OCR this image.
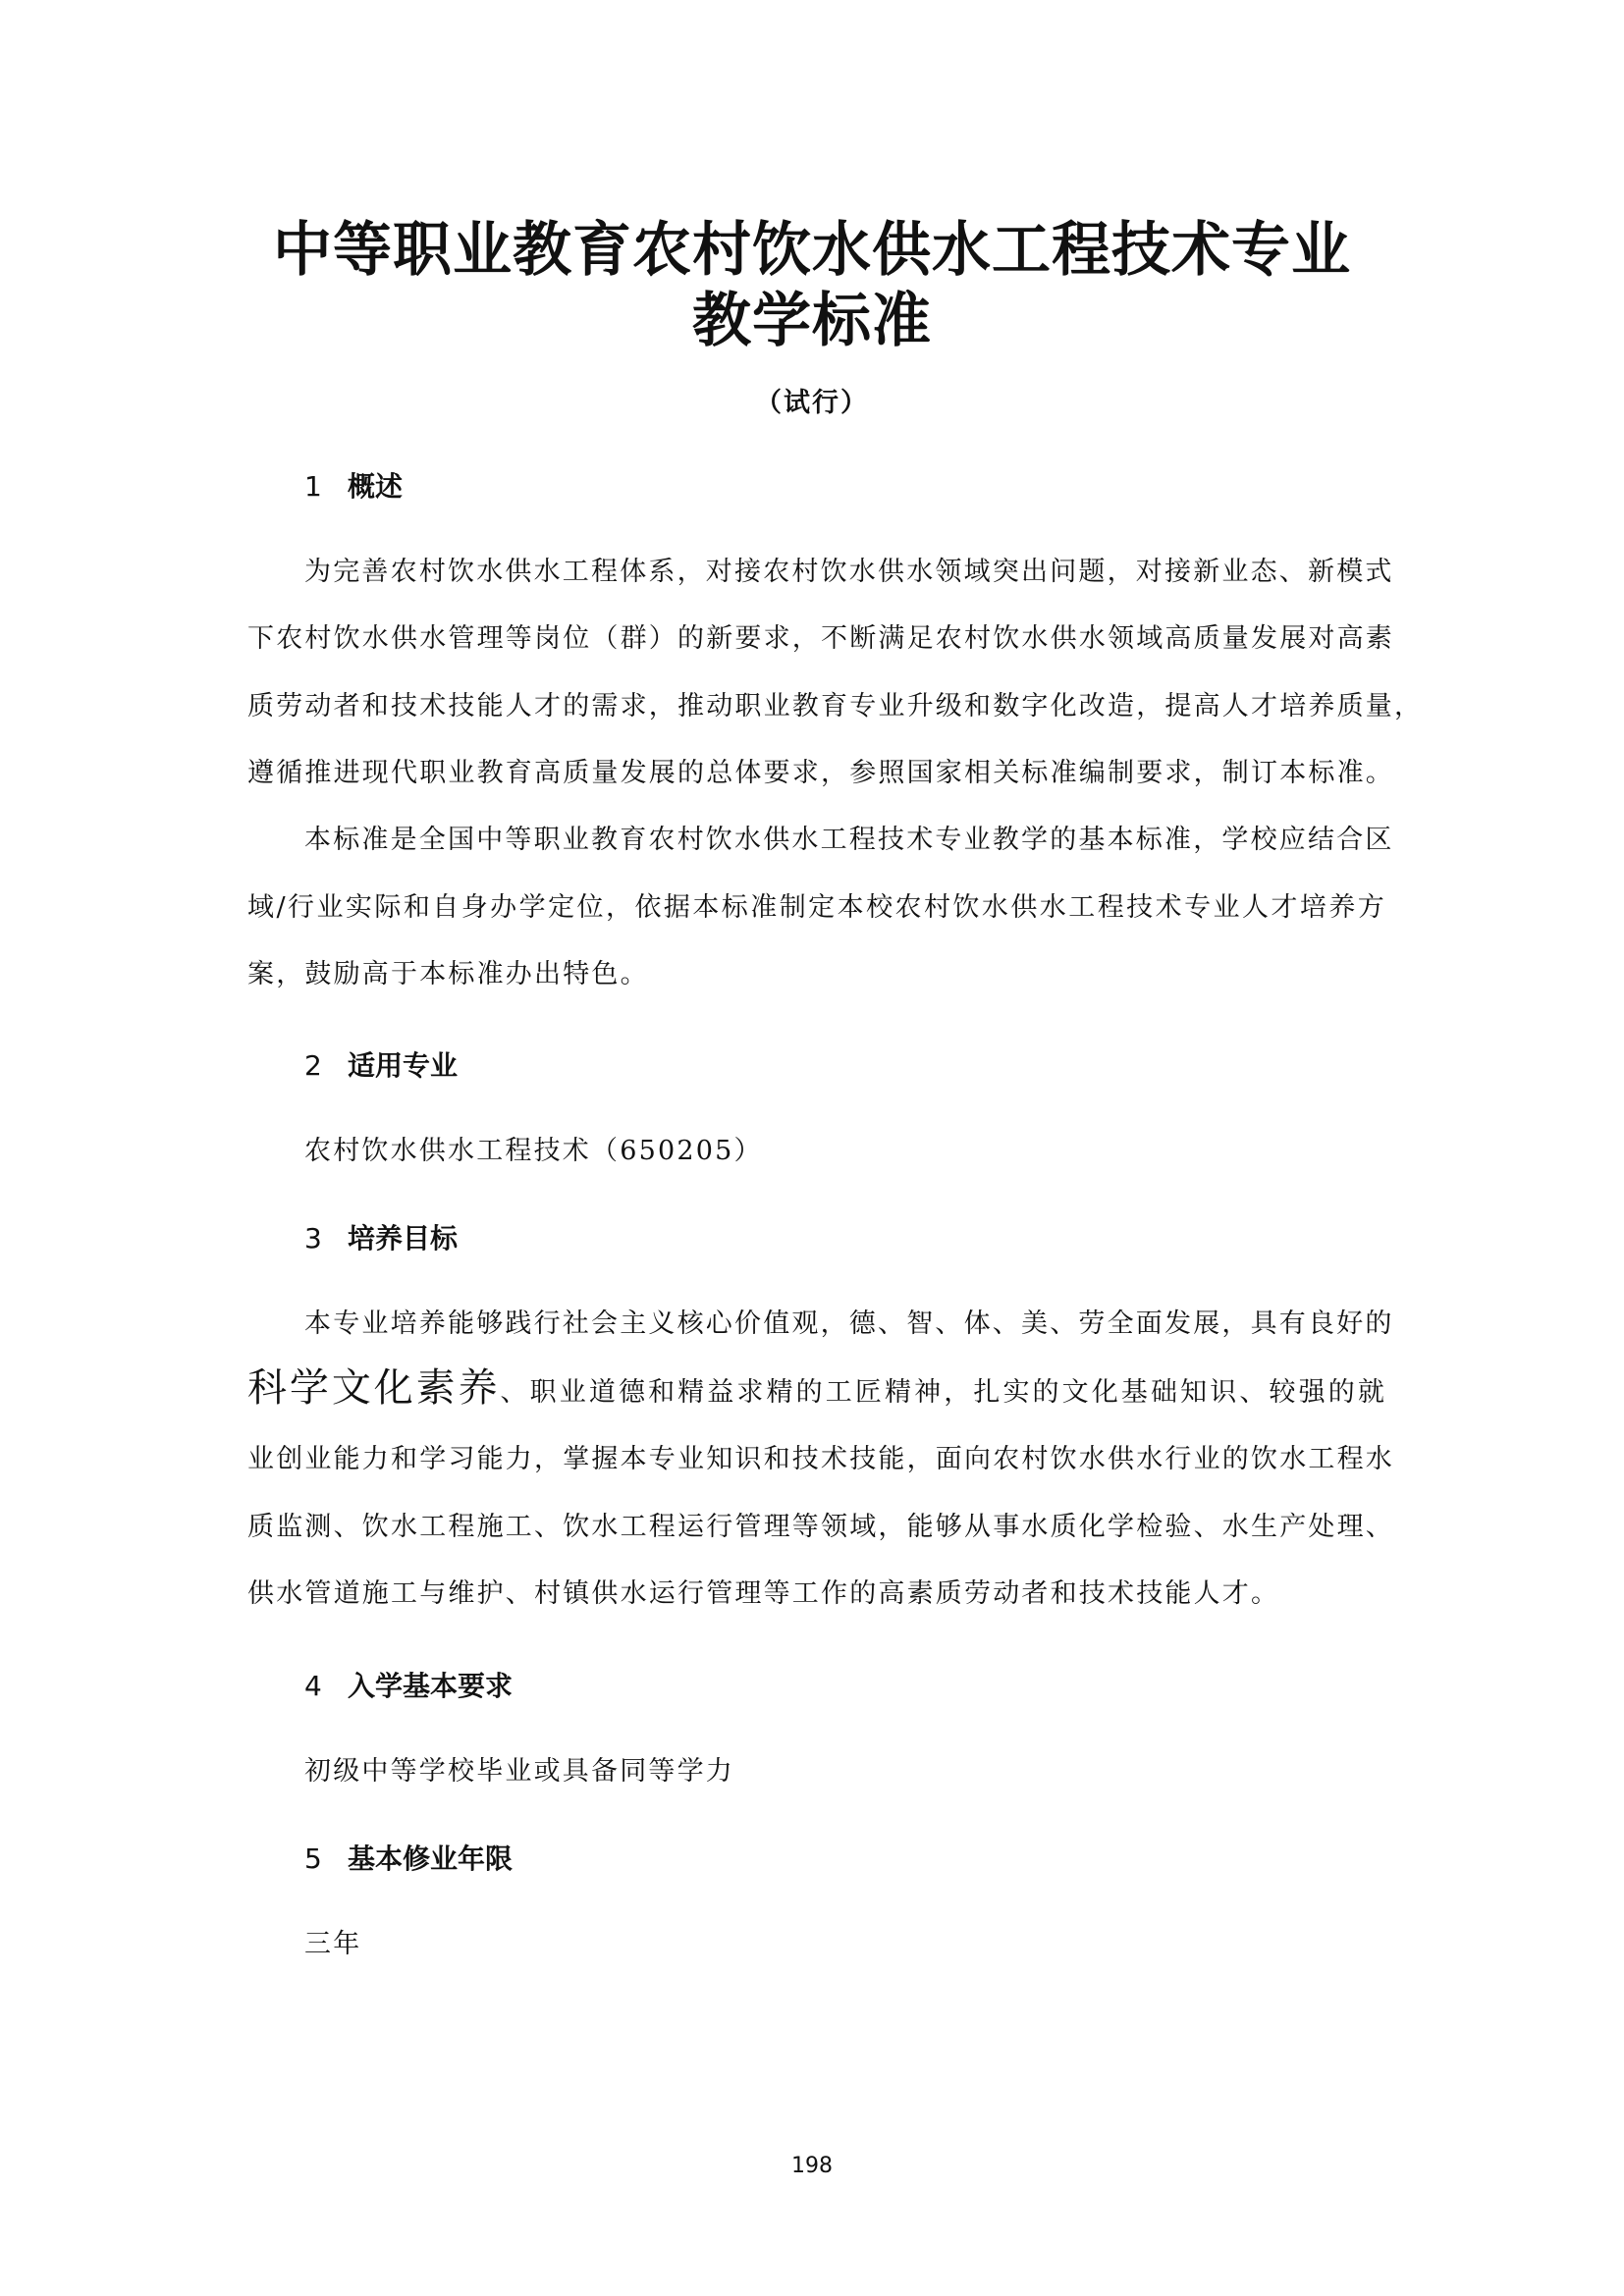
中等职业教育农村饮水供水工程技术专业
教学标准
（试行）
1 概述
为完善农村饮水供水工程体系，对接农村饮水供水领域突出问题，对接新业态、新模式
下农村饮水供水管理等岗位（群）的新要求，不断满足农村饮水供水领域高质量发展对高素
质劳动者和技术技能人才的需求，推动职业教育专业升级和数字化改造，提高人才培养质量，
遵循推进现代职业教育高质量发展的总体要求，参照国家相关标准编制要求，制订本标准。
本标准是全国中等职业教育农村饮水供水工程技术专业教学的基本标准，学校应结合区
域/行业实际和自身办学定位，依据本标准制定本校农村饮水供水工程技术专业人才培养方
案，鼓励高于本标准办出特色。
2 适用专业
农村饮水供水工程技术（650205）
3 培养目标
本专业培养能够践行社会主义核心价值观，德、智、体、美、劳全面发展，具有良好的
科学文化素养、职业道德和精益求精的工匠精神，扎实的文化基础知识、较强的就
业创业能力和学习能力，掌握本专业知识和技术技能，面向农村饮水供水行业的饮水工程水
质监测、饮水工程施工、饮水工程运行管理等领域，能够从事水质化学检验、水生产处理、
供水管道施工与维护、村镇供水运行管理等工作的高素质劳动者和技术技能人才。
4 入学基本要求
初级中等学校毕业或具备同等学力
5 基本修业年限
三年
198
